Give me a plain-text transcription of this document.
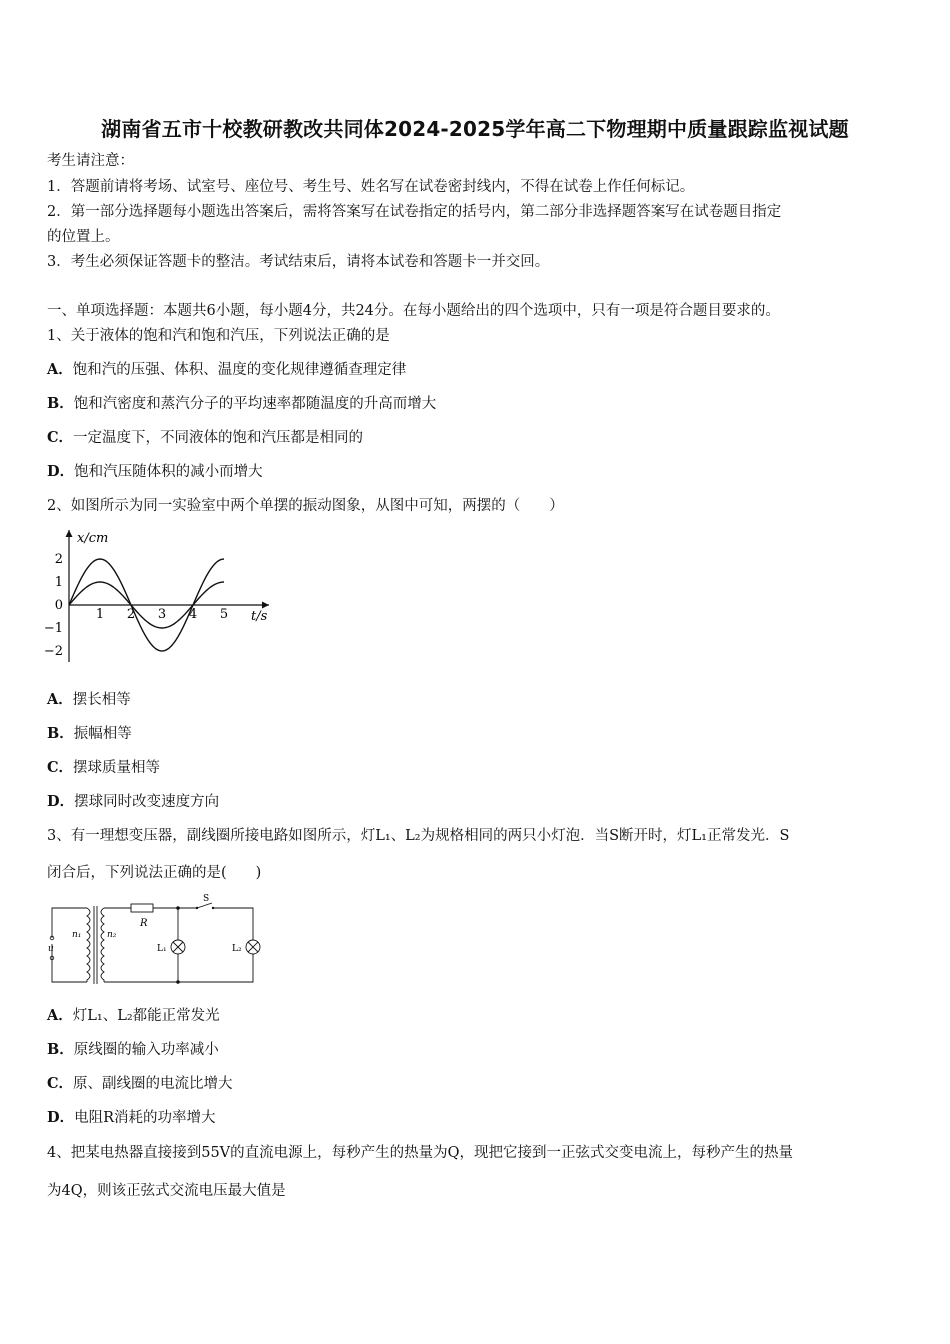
湖南省五市十校教研教改共同体2024-2025学年高二下物理期中质量跟踪监视试题
考生请注意：
1．答题前请将考场、试室号、座位号、考生号、姓名写在试卷密封线内，不得在试卷上作任何标记。
2．第一部分选择题每小题选出答案后，需将答案写在试卷指定的括号内，第二部分非选择题答案写在试卷题目指定
的位置上。
3．考生必须保证答题卡的整洁。考试结束后，请将本试卷和答题卡一并交回。
一、单项选择题：本题共6小题，每小题4分，共24分。在每小题给出的四个选项中，只有一项是符合题目要求的。
1、关于液体的饱和汽和饱和汽压，下列说法正确的是
A．饱和汽的压强、体积、温度的变化规律遵循查理定律
B．饱和汽密度和蒸汽分子的平均速率都随温度的升高而增大
C．一定温度下，不同液体的饱和汽压都是相同的
D．饱和汽压随体积的减小而增大
2、如图所示为同一实验室中两个单摆的振动图象，从图中可知，两摆的（　　）
x/cm
t/s
2
1
0
−1
−2
1 2 3 4 5
A．摆长相等
B．振幅相等
C．摆球质量相等
D．摆球同时改变速度方向
3、有一理想变压器，副线圈所接电路如图所示，灯L₁、L₂为规格相同的两只小灯泡．当S断开时，灯L₁正常发光．S
闭合后，下列说法正确的是(　　)
u
n₁	n₂
R
S
L₁	L₂
A．灯L₁、L₂都能正常发光
B．原线圈的输入功率减小
C．原、副线圈的电流比增大
D．电阻R消耗的功率增大
4、把某电热器直接接到55V的直流电源上，每秒产生的热量为Q，现把它接到一正弦式交变电流上，每秒产生的热量
为4Q，则该正弦式交流电压最大值是
